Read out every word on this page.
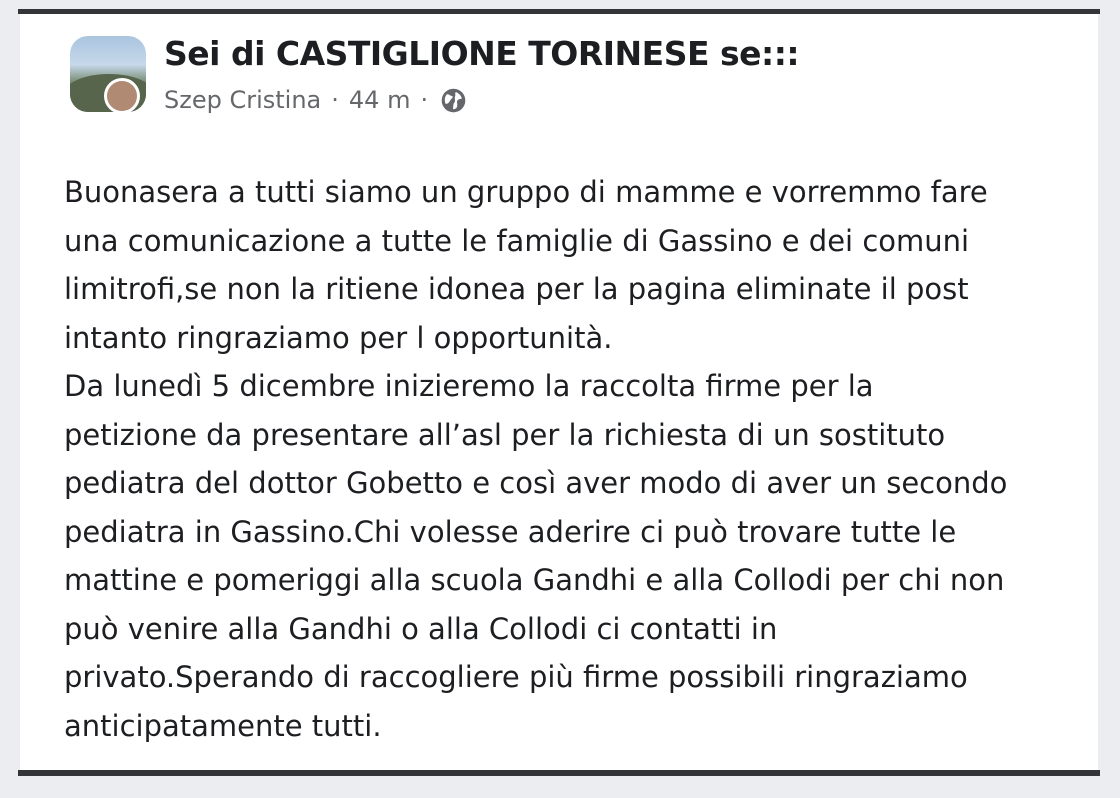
Sei di CASTIGLIONE TORINESE se:::
Szep Cristina · 44 m ·
Buonasera a tutti siamo un gruppo di mamme e vorremmo fare
una comunicazione a tutte le famiglie di Gassino e dei comuni
limitrofi,se non la ritiene idonea per la pagina eliminate il post
intanto ringraziamo per l opportunità.
Da lunedì 5 dicembre inizieremo la raccolta firme per la
petizione da presentare all’asl per la richiesta di un sostituto
pediatra del dottor Gobetto e così aver modo di aver un secondo
pediatra in Gassino.Chi volesse aderire ci può trovare tutte le
mattine e pomeriggi alla scuola Gandhi e alla Collodi per chi non
può venire alla Gandhi o alla Collodi ci contatti in
privato.Sperando di raccogliere più firme possibili ringraziamo
anticipatamente tutti.
